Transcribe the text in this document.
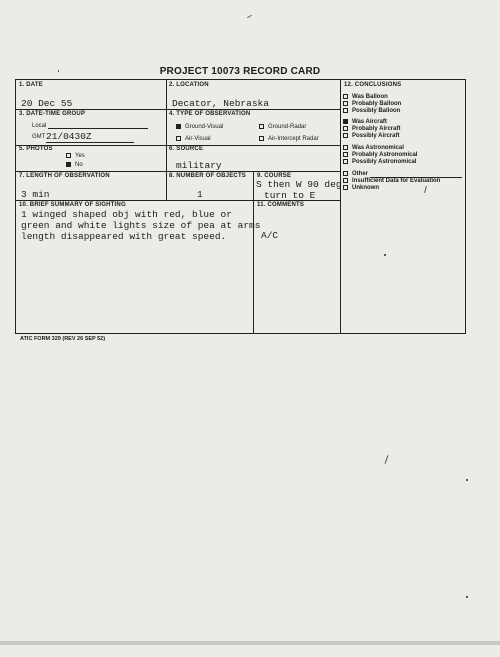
PROJECT 10073 RECORD CARD
1. DATE
20 Dec 55
2. LOCATION
Decator, Nebraska
3. DATE-TIME GROUP
Local
GMT 21/0430Z
4. TYPE OF OBSERVATION
Ground-Visual	Ground-Radar
Air-Visual	Air-Intercept Radar
5. PHOTOS
Yes
No
6. SOURCE
military
7. LENGTH OF OBSERVATION
3 min
8. NUMBER OF OBJECTS
1
9. COURSE
S then W 90 deg
turn to E
10. BRIEF SUMMARY OF SIGHTING
1 winged shaped obj with red, blue or
green and white lights size of pea at arms
length disappeared with great speed.
11. COMMENTS
A/C
12. CONCLUSIONS
Was Balloon
Probably Balloon
Possibly Balloon
Was Aircraft
Probably Aircraft
Possibly Aircraft
Was Astronomical
Probably Astronomical
Possibly Astronomical
Other
Insufficient Data for Evaluation
Unknown
ATIC FORM 329 (REV 26 SEP 52)
